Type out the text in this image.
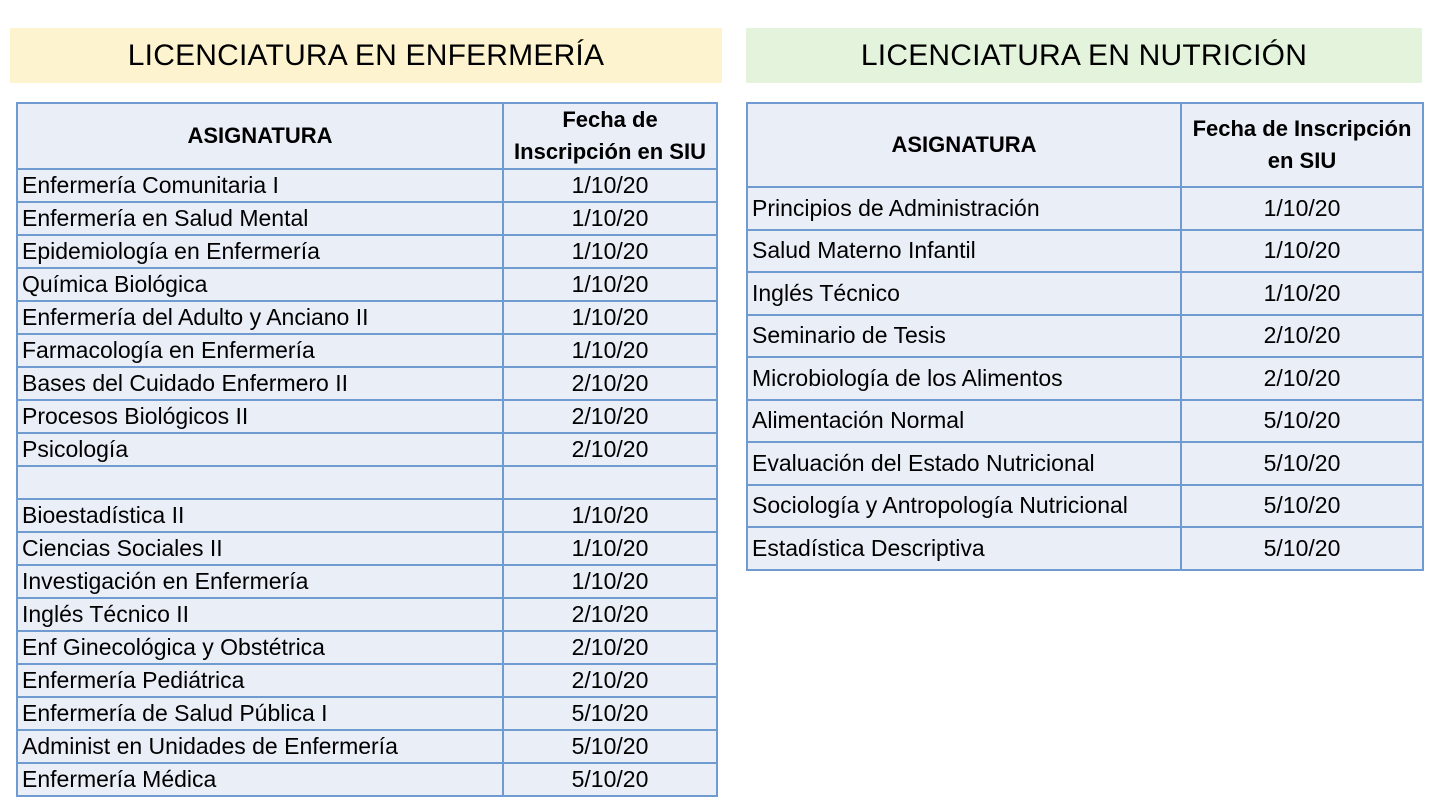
LICENCIATURA EN ENFERMERÍA	LICENCIATURA EN NUTRICIÓN
ASIGNATURA	Fecha de
Inscripción en SIU
Enfermería Comunitaria I	1/10/20
Enfermería en Salud Mental	1/10/20
Epidemiología en Enfermería	1/10/20
Química Biológica	1/10/20
Enfermería del Adulto y Anciano II	1/10/20
Farmacología en Enfermería	1/10/20
Bases del Cuidado Enfermero II	2/10/20
Procesos Biológicos II	2/10/20
Psicología	2/10/20

Bioestadística II	1/10/20
Ciencias Sociales II	1/10/20
Investigación en Enfermería	1/10/20
Inglés Técnico II	2/10/20
Enf Ginecológica y Obstétrica	2/10/20
Enfermería Pediátrica	2/10/20
Enfermería de Salud Pública I	5/10/20
Administ en Unidades de Enfermería	5/10/20
Enfermería Médica	5/10/20
ASIGNATURA	Fecha de Inscripción
en SIU
Principios de Administración	1/10/20
Salud Materno Infantil	1/10/20
Inglés Técnico	1/10/20
Seminario de Tesis	2/10/20
Microbiología de los Alimentos	2/10/20
Alimentación Normal	5/10/20
Evaluación del Estado Nutricional	5/10/20
Sociología y Antropología Nutricional	5/10/20
Estadística Descriptiva	5/10/20
